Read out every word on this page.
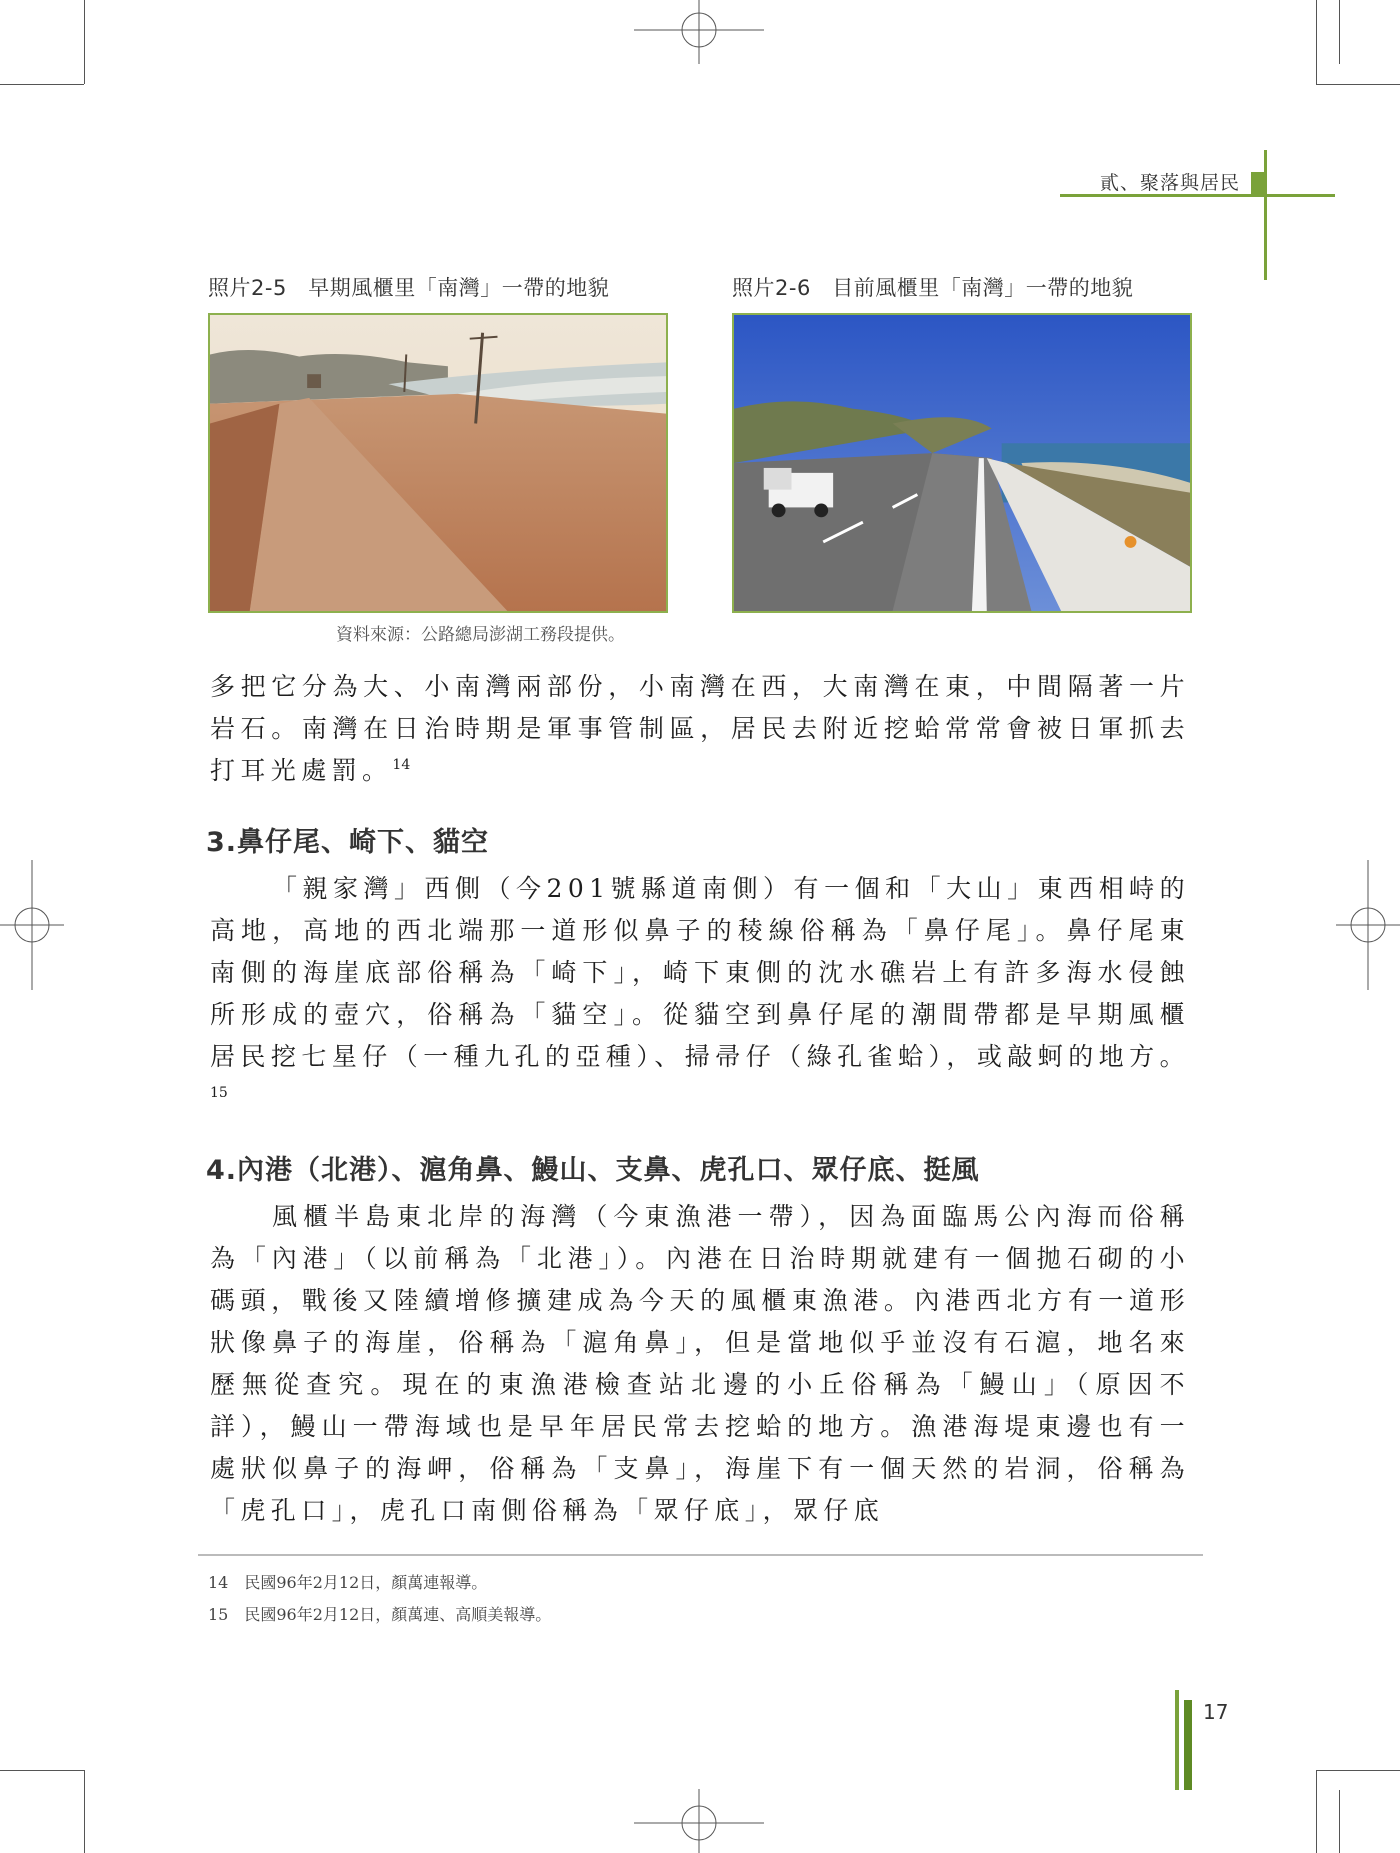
貳、聚落與居民
照片2-5　早期風櫃里「南灣」一帶的地貌	照片2-6　目前風櫃里「南灣」一帶的地貌
資料來源：公路總局澎湖工務段提供。
多把它分為大、小南灣兩部份，小南灣在西，大南灣在東，中間隔著一片岩石。南灣在日治時期是軍事管制區，居民去附近挖蛤常常會被日軍抓去打耳光處罰。$^{14}$
3.鼻仔尾、崎下、貓空
「親家灣」西側（今201號縣道南側）有一個和「大山」東西相峙的高地，高地的西北端那一道形似鼻子的稜線俗稱為「鼻仔尾」。鼻仔尾東南側的海崖底部俗稱為「崎下」，崎下東側的沈水礁岩上有許多海水侵蝕所形成的壺穴，俗稱為「貓空」。從貓空到鼻仔尾的潮間帶都是早期風櫃居民挖七星仔（一種九孔的亞種）、掃帚仔（綠孔雀蛤），或敲蚵的地方。$^{15}$
4.內港（北港）、滬角鼻、鰻山、支鼻、虎孔口、眾仔底、挺風
風櫃半島東北岸的海灣（今東漁港一帶），因為面臨馬公內海而俗稱為「內港」（以前稱為「北港」）。內港在日治時期就建有一個拋石砌的小碼頭，戰後又陸續增修擴建成為今天的風櫃東漁港。內港西北方有一道形狀像鼻子的海崖，俗稱為「滬角鼻」，但是當地似乎並沒有石滬，地名來歷無從查究。現在的東漁港檢查站北邊的小丘俗稱為「鰻山」（原因不詳），鰻山一帶海域也是早年居民常去挖蛤的地方。漁港海堤東邊也有一處狀似鼻子的海岬，俗稱為「支鼻」，海崖下有一個天然的岩洞，俗稱為「虎孔口」，虎孔口南側俗稱為「眾仔底」，眾仔底
14　 民國96年2月12日，顏萬連報導。
15　 民國96年2月12日，顏萬連、高順美報導。
17
